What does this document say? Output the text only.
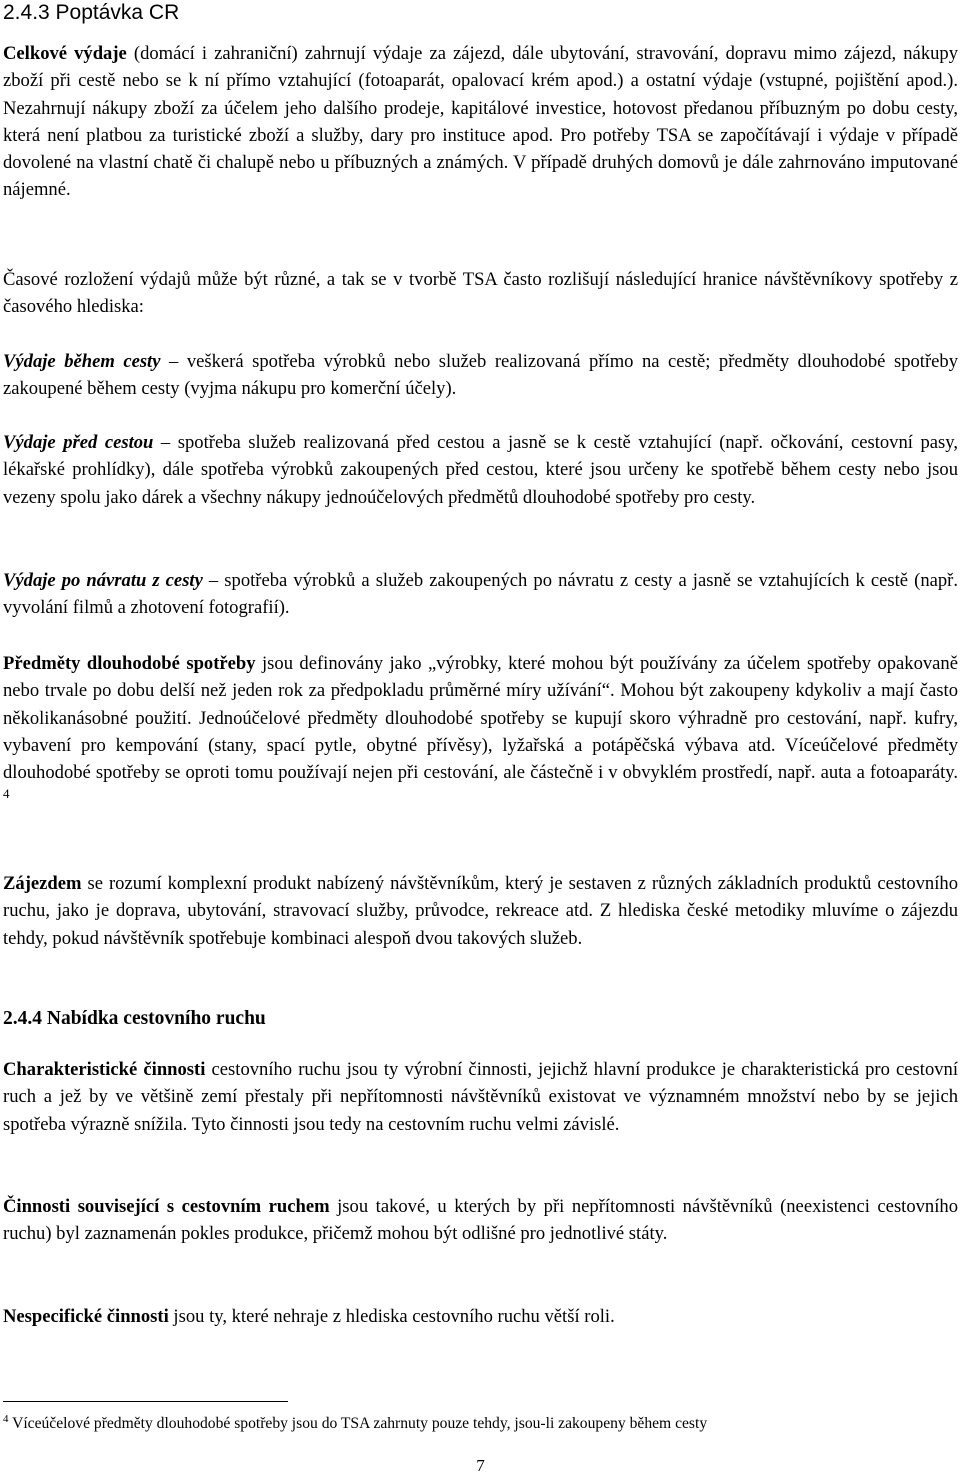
2.4.3 Poptávka CR

Celkové výdaje (domácí i zahraniční) zahrnují výdaje za zájezd, dále ubytování, stravování, dopravu mimo zájezd, nákupy zboží při cestě nebo se k ní přímo vztahující (fotoaparát, opalovací krém apod.) a ostatní výdaje (vstupné, pojištění apod.). Nezahrnují nákupy zboží za účelem jeho dalšího prodeje, kapitálové investice, hotovost předanou příbuzným po dobu cesty, která není platbou za turistické zboží a služby, dary pro instituce apod. Pro potřeby TSA se započítávají i výdaje v případě dovolené na vlastní chatě či chalupě nebo u příbuzných a známých. V případě druhých domovů je dále zahrnováno imputované nájemné.

Časové rozložení výdajů může být různé, a tak se v tvorbě TSA často rozlišují následující hranice návštěvníkovy spotřeby z časového hlediska:

Výdaje během cesty – veškerá spotřeba výrobků nebo služeb realizovaná přímo na cestě; předměty dlouhodobé spotřeby zakoupené během cesty (vyjma nákupu pro komerční účely).

Výdaje před cestou – spotřeba služeb realizovaná před cestou a jasně se k cestě vztahující (např. očkování, cestovní pasy, lékařské prohlídky), dále spotřeba výrobků zakoupených před cestou, které jsou určeny ke spotřebě během cesty nebo jsou vezeny spolu jako dárek a všechny nákupy jednoúčelových předmětů dlouhodobé spotřeby pro cesty.

Výdaje po návratu z cesty – spotřeba výrobků a služeb zakoupených po návratu z cesty a jasně se vztahujících k cestě (např. vyvolání filmů a zhotovení fotografií).

Předměty dlouhodobé spotřeby jsou definovány jako „výrobky, které mohou být používány za účelem spotřeby opakovaně nebo trvale po dobu delší než jeden rok za předpokladu průměrné míry užívání“. Mohou být zakoupeny kdykoliv a mají často několikanásobné použití. Jednoúčelové předměty dlouhodobé spotřeby se kupují skoro výhradně pro cestování, např. kufry, vybavení pro kempování (stany, spací pytle, obytné přívěsy), lyžařská a potápěčská výbava atd. Víceúčelové předměty dlouhodobé spotřeby se oproti tomu používají nejen při cestování, ale částečně i v obvyklém prostředí, např. auta a fotoaparáty. $^4$

Zájezdem se rozumí komplexní produkt nabízený návštěvníkům, který je sestaven z různých základních produktů cestovního ruchu, jako je doprava, ubytování, stravovací služby, průvodce, rekreace atd. Z hlediska české metodiky mluvíme o zájezdu tehdy, pokud návštěvník spotřebuje kombinaci alespoň dvou takových služeb.

2.4.4 Nabídka cestovního ruchu

Charakteristické činnosti cestovního ruchu jsou ty výrobní činnosti, jejichž hlavní produkce je charakteristická pro cestovní ruch a jež by ve většině zemí přestaly při nepřítomnosti návštěvníků existovat ve významném množství nebo by se jejich spotřeba výrazně snížila. Tyto činnosti jsou tedy na cestovním ruchu velmi závislé.

Činnosti související s cestovním ruchem jsou takové, u kterých by při nepřítomnosti návštěvníků (neexistenci cestovního ruchu) byl zaznamenán pokles produkce, přičemž mohou být odlišné pro jednotlivé státy.

Nespecifické činnosti jsou ty, které nehraje z hlediska cestovního ruchu větší roli.

$^4$ Víceúčelové předměty dlouhodobé spotřeby jsou do TSA zahrnuty pouze tehdy, jsou-li zakoupeny během cesty
7
